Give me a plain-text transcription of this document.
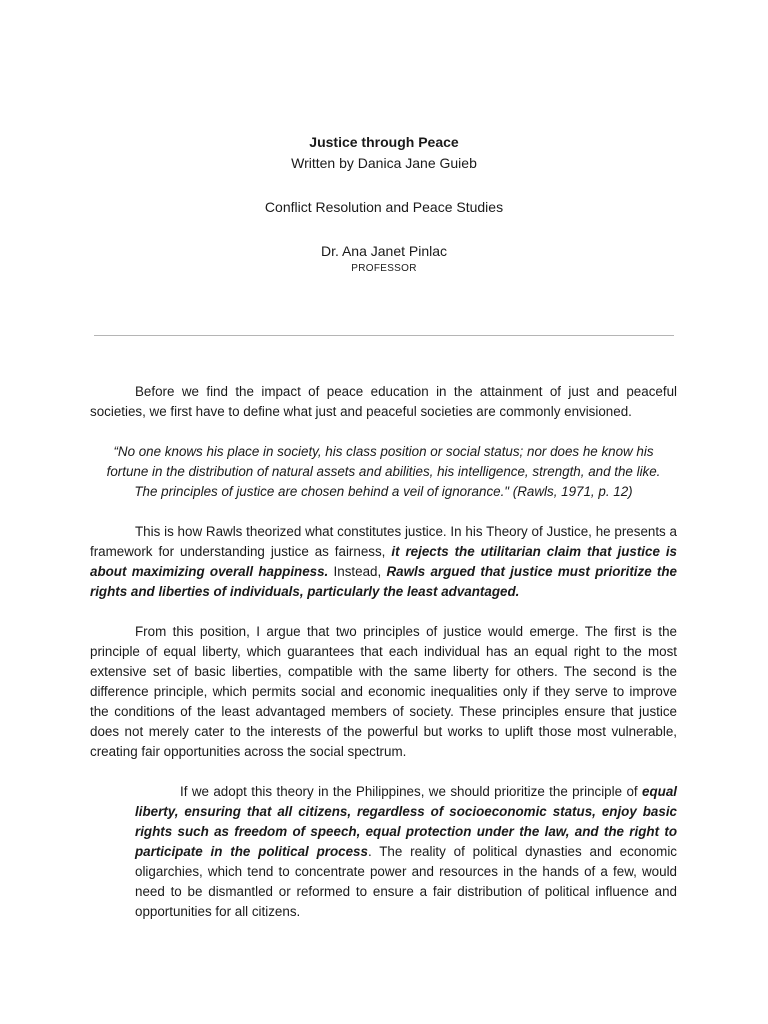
Justice through Peace

Written by Danica Jane Guieb

Conflict Resolution and Peace Studies

Dr. Ana Janet Pinlac

PROFESSOR

Before we find the impact of peace education in the attainment of just and peaceful societies, we first have to define what just and peaceful societies are commonly envisioned.

“No one knows his place in society, his class position or social status; nor does he know his fortune in the distribution of natural assets and abilities, his intelligence, strength, and the like. The principles of justice are chosen behind a veil of ignorance." (Rawls, 1971, p. 12)

This is how Rawls theorized what constitutes justice. In his Theory of Justice, he presents a framework for understanding justice as fairness, it rejects the utilitarian claim that justice is about maximizing overall happiness. Instead, Rawls argued that justice must prioritize the rights and liberties of individuals, particularly the least advantaged.

From this position, I argue that two principles of justice would emerge. The first is the principle of equal liberty, which guarantees that each individual has an equal right to the most extensive set of basic liberties, compatible with the same liberty for others. The second is the difference principle, which permits social and economic inequalities only if they serve to improve the conditions of the least advantaged members of society. These principles ensure that justice does not merely cater to the interests of the powerful but works to uplift those most vulnerable, creating fair opportunities across the social spectrum.

If we adopt this theory in the Philippines, we should prioritize the principle of equal liberty, ensuring that all citizens, regardless of socioeconomic status, enjoy basic rights such as freedom of speech, equal protection under the law, and the right to participate in the political process. The reality of political dynasties and economic oligarchies, which tend to concentrate power and resources in the hands of a few, would need to be dismantled or reformed to ensure a fair distribution of political influence and opportunities for all citizens.
